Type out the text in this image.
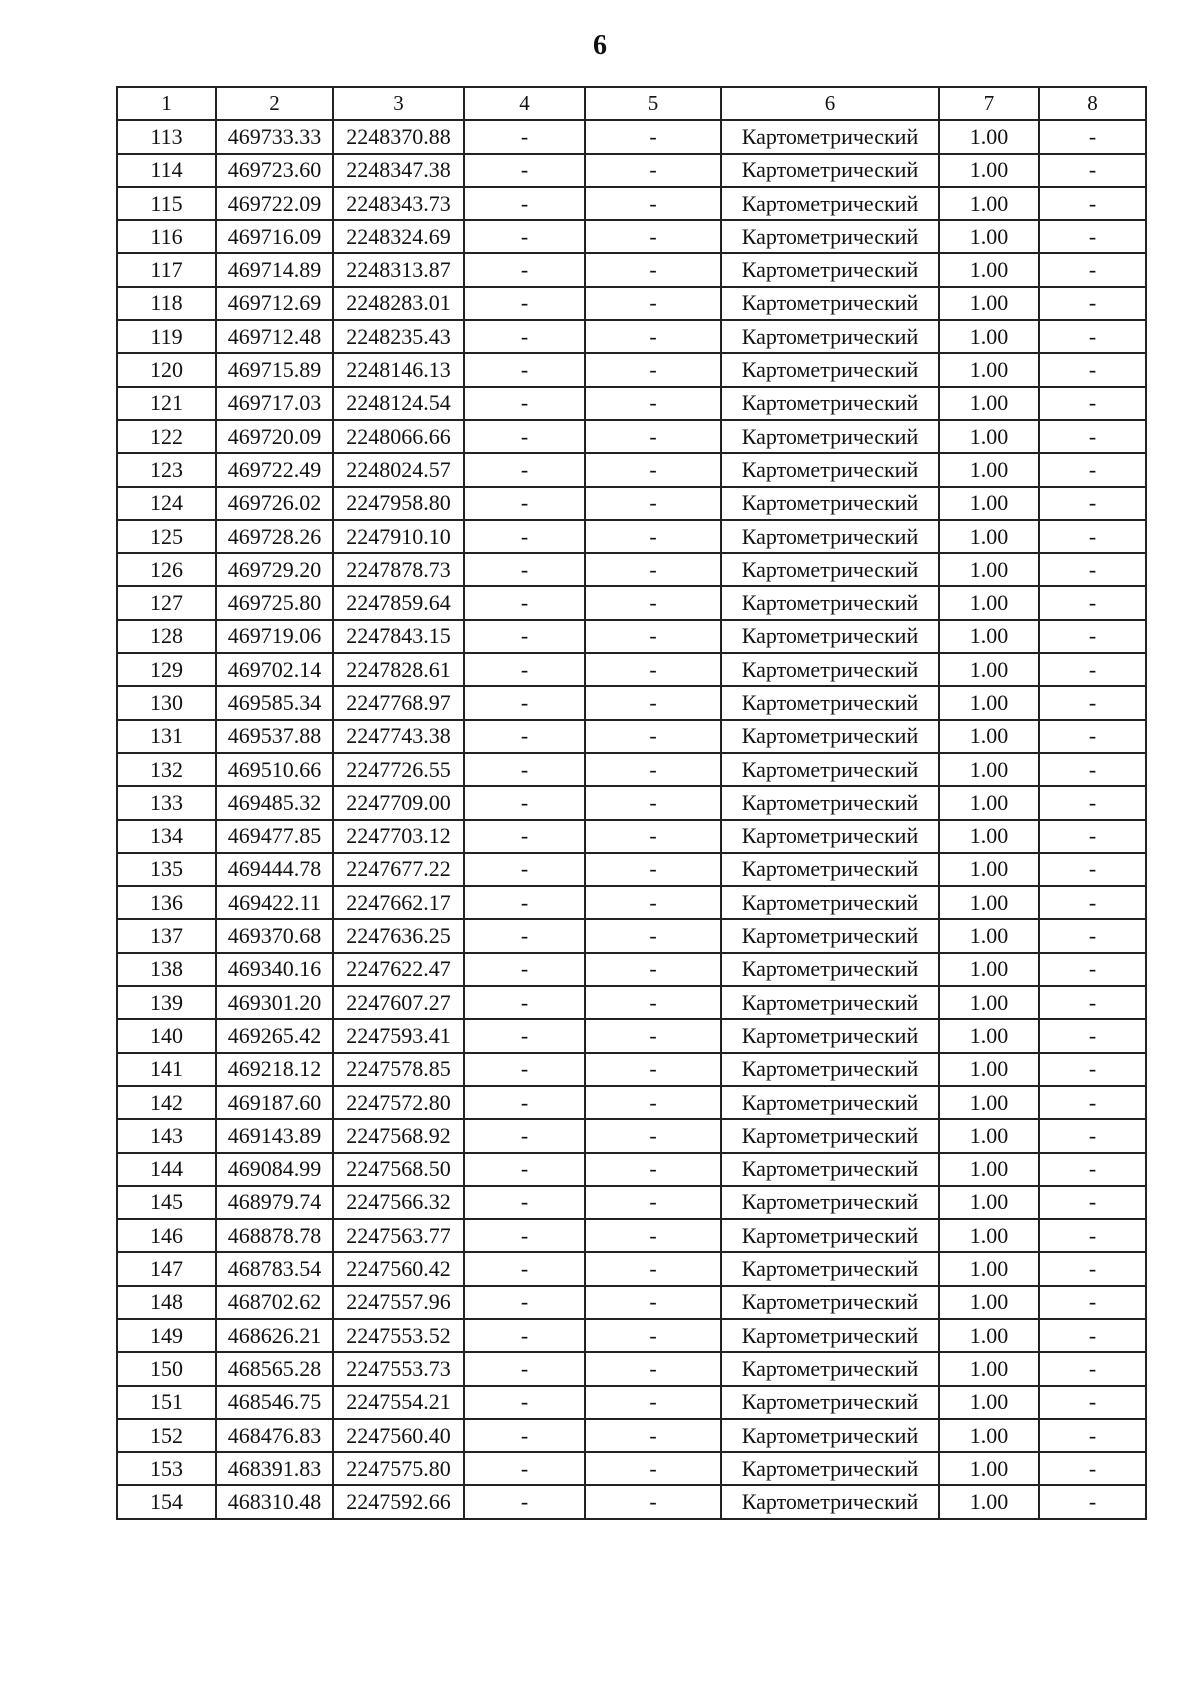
6
1	2	3	4	5	6	7	8
113	469733.33	2248370.88	-	-	Картометрический	1.00	-
114	469723.60	2248347.38	-	-	Картометрический	1.00	-
115	469722.09	2248343.73	-	-	Картометрический	1.00	-
116	469716.09	2248324.69	-	-	Картометрический	1.00	-
117	469714.89	2248313.87	-	-	Картометрический	1.00	-
118	469712.69	2248283.01	-	-	Картометрический	1.00	-
119	469712.48	2248235.43	-	-	Картометрический	1.00	-
120	469715.89	2248146.13	-	-	Картометрический	1.00	-
121	469717.03	2248124.54	-	-	Картометрический	1.00	-
122	469720.09	2248066.66	-	-	Картометрический	1.00	-
123	469722.49	2248024.57	-	-	Картометрический	1.00	-
124	469726.02	2247958.80	-	-	Картометрический	1.00	-
125	469728.26	2247910.10	-	-	Картометрический	1.00	-
126	469729.20	2247878.73	-	-	Картометрический	1.00	-
127	469725.80	2247859.64	-	-	Картометрический	1.00	-
128	469719.06	2247843.15	-	-	Картометрический	1.00	-
129	469702.14	2247828.61	-	-	Картометрический	1.00	-
130	469585.34	2247768.97	-	-	Картометрический	1.00	-
131	469537.88	2247743.38	-	-	Картометрический	1.00	-
132	469510.66	2247726.55	-	-	Картометрический	1.00	-
133	469485.32	2247709.00	-	-	Картометрический	1.00	-
134	469477.85	2247703.12	-	-	Картометрический	1.00	-
135	469444.78	2247677.22	-	-	Картометрический	1.00	-
136	469422.11	2247662.17	-	-	Картометрический	1.00	-
137	469370.68	2247636.25	-	-	Картометрический	1.00	-
138	469340.16	2247622.47	-	-	Картометрический	1.00	-
139	469301.20	2247607.27	-	-	Картометрический	1.00	-
140	469265.42	2247593.41	-	-	Картометрический	1.00	-
141	469218.12	2247578.85	-	-	Картометрический	1.00	-
142	469187.60	2247572.80	-	-	Картометрический	1.00	-
143	469143.89	2247568.92	-	-	Картометрический	1.00	-
144	469084.99	2247568.50	-	-	Картометрический	1.00	-
145	468979.74	2247566.32	-	-	Картометрический	1.00	-
146	468878.78	2247563.77	-	-	Картометрический	1.00	-
147	468783.54	2247560.42	-	-	Картометрический	1.00	-
148	468702.62	2247557.96	-	-	Картометрический	1.00	-
149	468626.21	2247553.52	-	-	Картометрический	1.00	-
150	468565.28	2247553.73	-	-	Картометрический	1.00	-
151	468546.75	2247554.21	-	-	Картометрический	1.00	-
152	468476.83	2247560.40	-	-	Картометрический	1.00	-
153	468391.83	2247575.80	-	-	Картометрический	1.00	-
154	468310.48	2247592.66	-	-	Картометрический	1.00	-
